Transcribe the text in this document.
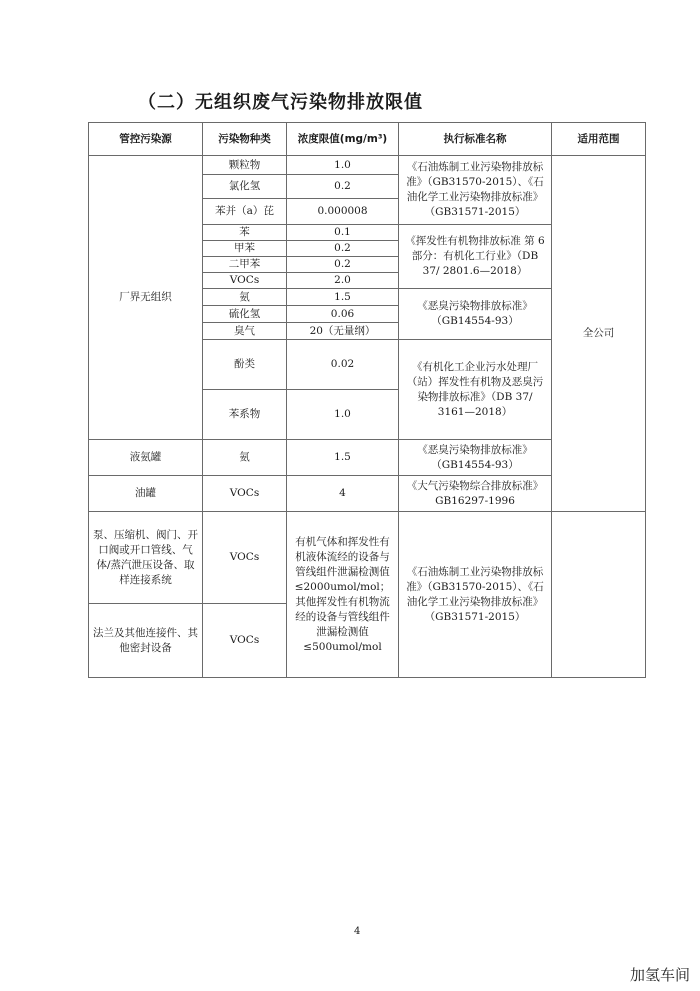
（二）无组织废气污染物排放限值
管控污染源	污染物种类	浓度限值(mg/m³)	执行标准名称	适用范围
厂界无组织	颗粒物	1.0	《石油炼制工业污染物排放标准》（GB31570-2015）、《石油化学工业污染物排放标准》（GB31571-2015）	全公司
	氯化氢	0.2		
	苯并（a）芘	0.000008		
	苯	0.1	《挥发性有机物排放标准 第 6 部分：有机化工行业》（DB 37/ 2801.6—2018）	
	甲苯	0.2		
	二甲苯	0.2		
	VOCs	2.0		
	氨	1.5	《恶臭污染物排放标准》（GB14554-93）	
	硫化氢	0.06		
	臭气	20（无量纲）		
	酚类	0.02	《有机化工企业污水处理厂（站）挥发性有机物及恶臭污染物排放标准》（DB 37/ 3161—2018）	
	苯系物	1.0		
液氨罐	氨	1.5	《恶臭污染物排放标准》（GB14554-93）	
油罐	VOCs	4	《大气污染物综合排放标准》GB16297-1996	
泵、压缩机、阀门、开口阀或开口管线、气体/蒸汽泄压设备、取样连接系统	VOCs	有机气体和挥发性有机液体流经的设备与管线组件泄漏检测值≤2000umol/mol；其他挥发性有机物流经的设备与管线组件泄漏检测值≤500umol/mol	《石油炼制工业污染物排放标准》（GB31570-2015）、《石油化学工业污染物排放标准》（GB31571-2015）	
法兰及其他连接件、其他密封设备	VOCs			
4
加氢车间
